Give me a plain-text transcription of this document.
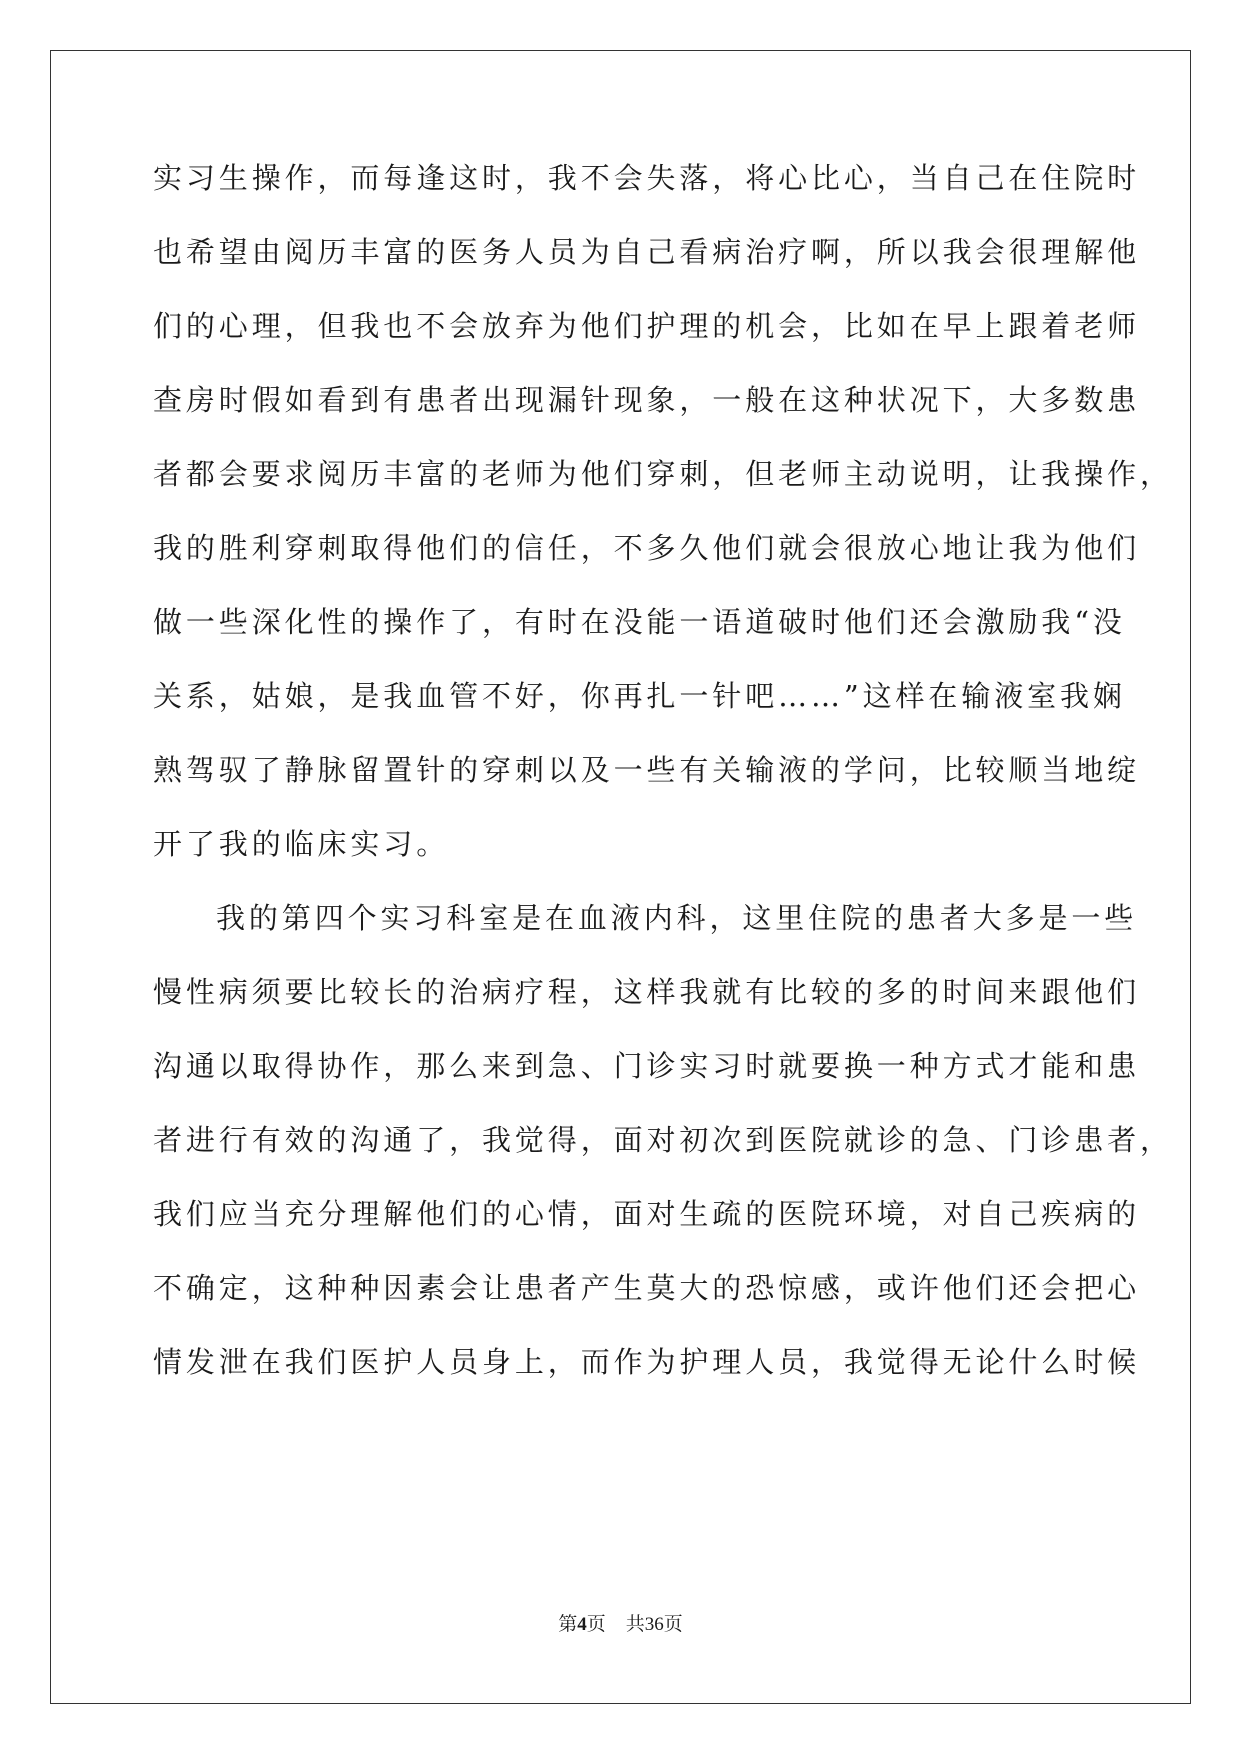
实习生操作，而每逢这时，我不会失落，将心比心，当自己在住院时
也希望由阅历丰富的医务人员为自己看病治疗啊，所以我会很理解他
们的心理，但我也不会放弃为他们护理的机会，比如在早上跟着老师
查房时假如看到有患者出现漏针现象，一般在这种状况下，大多数患
者都会要求阅历丰富的老师为他们穿刺，但老师主动说明，让我操作，
我的胜利穿刺取得他们的信任，不多久他们就会很放心地让我为他们
做一些深化性的操作了，有时在没能一语道破时他们还会激励我“没
关系，姑娘，是我血管不好，你再扎一针吧……”这样在输液室我娴
熟驾驭了静脉留置针的穿刺以及一些有关输液的学问，比较顺当地绽
开了我的临床实习。
我的第四个实习科室是在血液内科，这里住院的患者大多是一些
慢性病须要比较长的治病疗程，这样我就有比较的多的时间来跟他们
沟通以取得协作，那么来到急、门诊实习时就要换一种方式才能和患
者进行有效的沟通了，我觉得，面对初次到医院就诊的急、门诊患者，
我们应当充分理解他们的心情，面对生疏的医院环境，对自己疾病的
不确定，这种种因素会让患者产生莫大的恐惊感，或许他们还会把心
情发泄在我们医护人员身上，而作为护理人员，我觉得无论什么时候
第4页 共36页
